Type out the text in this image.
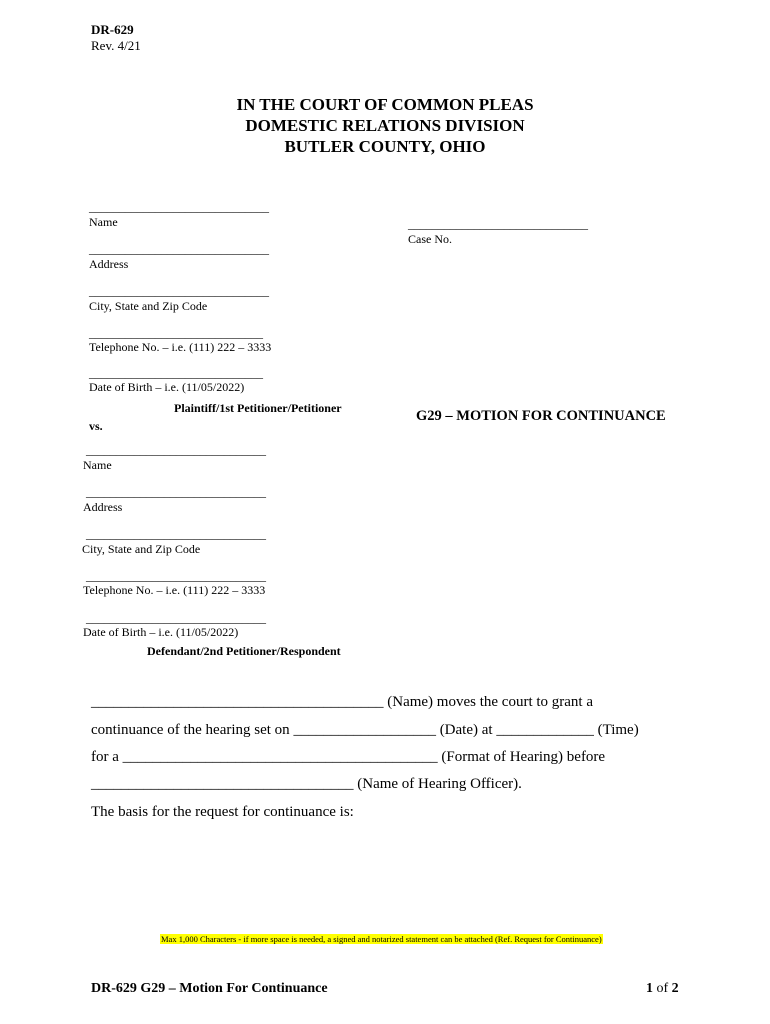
DR-629
Rev. 4/21
IN THE COURT OF COMMON PLEAS
DOMESTIC RELATIONS DIVISION
BUTLER COUNTY, OHIO
______________________________
Name
______________________________
Address
______________________________
City, State and Zip Code
_____________________________
Telephone No. – i.e. (111) 222 – 3333
_____________________________
Date of Birth – i.e. (11/05/2022)
Plaintiff/1st Petitioner/Petitioner
vs.
______________________________
Case No.
G29 – MOTION FOR CONTINUANCE
______________________________
Name
______________________________
Address
______________________________
City, State and Zip Code
______________________________
Telephone No. – i.e. (111) 222 – 3333
______________________________
Date of Birth – i.e. (11/05/2022)
Defendant/2nd Petitioner/Respondent
_______________________________________ (Name) moves the court to grant a
continuance of the hearing set on ___________________ (Date) at _____________ (Time)
for a __________________________________________ (Format of Hearing) before
___________________________________ (Name of Hearing Officer).
The basis for the request for continuance is:
Max 1,000 Characters - if more space is needed, a signed and notarized statement can be attached (Ref. Request for Continuance)
DR-629 G29 – Motion For Continuance	1 of 2
